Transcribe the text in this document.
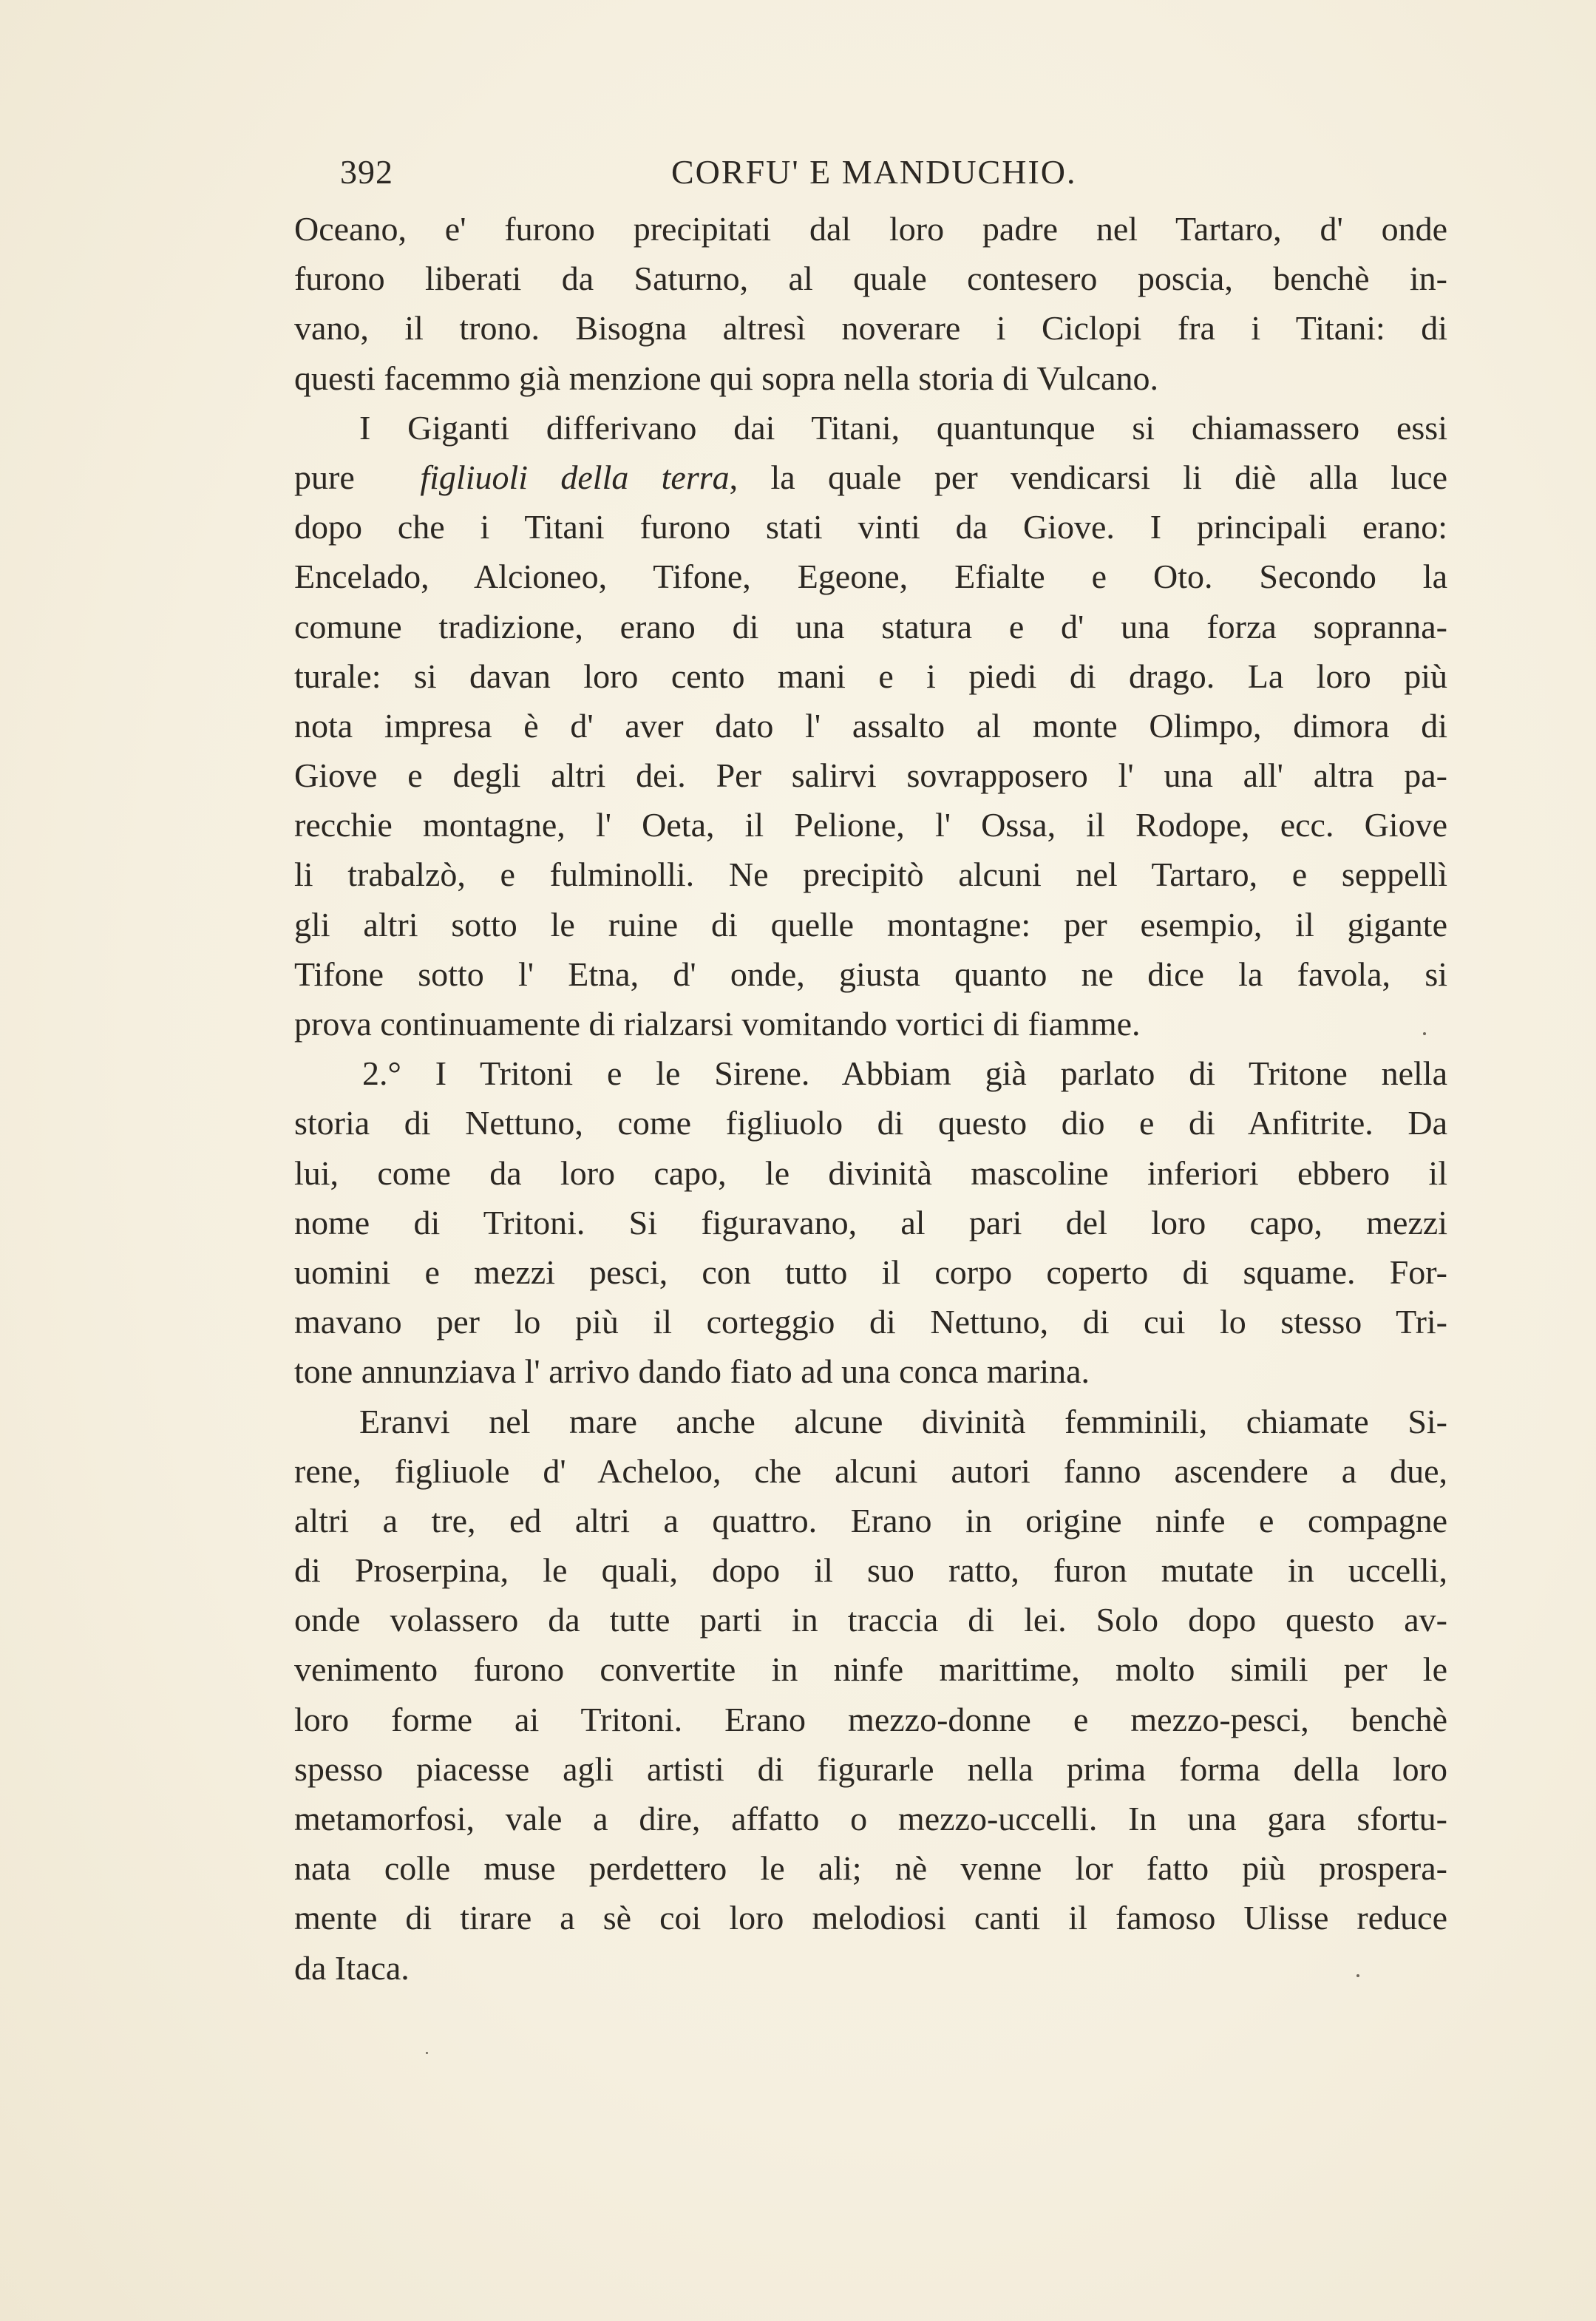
392	CORFU' E MANDUCHIO.
Oceano, e' furono precipitati dal loro padre nel Tartaro, d' onde
furono liberati da Saturno, al quale contesero poscia, benchè in-
vano, il trono. Bisogna altresì noverare i Ciclopi fra i Titani: di
questi facemmo già menzione qui sopra nella storia di Vulcano.
I Giganti differivano dai Titani, quantunque si chiamassero essi
pure figliuoli della terra, la quale per vendicarsi li diè alla luce
dopo che i Titani furono stati vinti da Giove. I principali erano:
Encelado, Alcioneo, Tifone, Egeone, Efialte e Oto. Secondo la
comune tradizione, erano di una statura e d' una forza sopranna-
turale: si davan loro cento mani e i piedi di drago. La loro più
nota impresa è d' aver dato l' assalto al monte Olimpo, dimora di
Giove e degli altri dei. Per salirvi sovrapposero l' una all' altra pa-
recchie montagne, l' Oeta, il Pelione, l' Ossa, il Rodope, ecc. Giove
li trabalzò, e fulminolli. Ne precipitò alcuni nel Tartaro, e seppellì
gli altri sotto le ruine di quelle montagne: per esempio, il gigante
Tifone sotto l' Etna, d' onde, giusta quanto ne dice la favola, si
prova continuamente di rialzarsi vomitando vortici di fiamme.
2.° I Tritoni e le Sirene. Abbiam già parlato di Tritone nella
storia di Nettuno, come figliuolo di questo dio e di Anfitrite. Da
lui, come da loro capo, le divinità mascoline inferiori ebbero il
nome di Tritoni. Si figuravano, al pari del loro capo, mezzi
uomini e mezzi pesci, con tutto il corpo coperto di squame. For-
mavano per lo più il corteggio di Nettuno, di cui lo stesso Tri-
tone annunziava l' arrivo dando fiato ad una conca marina.
Eranvi nel mare anche alcune divinità femminili, chiamate Si-
rene, figliuole d' Acheloo, che alcuni autori fanno ascendere a due,
altri a tre, ed altri a quattro. Erano in origine ninfe e compagne
di Proserpina, le quali, dopo il suo ratto, furon mutate in uccelli,
onde volassero da tutte parti in traccia di lei. Solo dopo questo av-
venimento furono convertite in ninfe marittime, molto simili per le
loro forme ai Tritoni. Erano mezzo-donne e mezzo-pesci, benchè
spesso piacesse agli artisti di figurarle nella prima forma della loro
metamorfosi, vale a dire, affatto o mezzo-uccelli. In una gara sfortu-
nata colle muse perdettero le ali; nè venne lor fatto più prospera-
mente di tirare a sè coi loro melodiosi canti il famoso Ulisse reduce
da Itaca.
